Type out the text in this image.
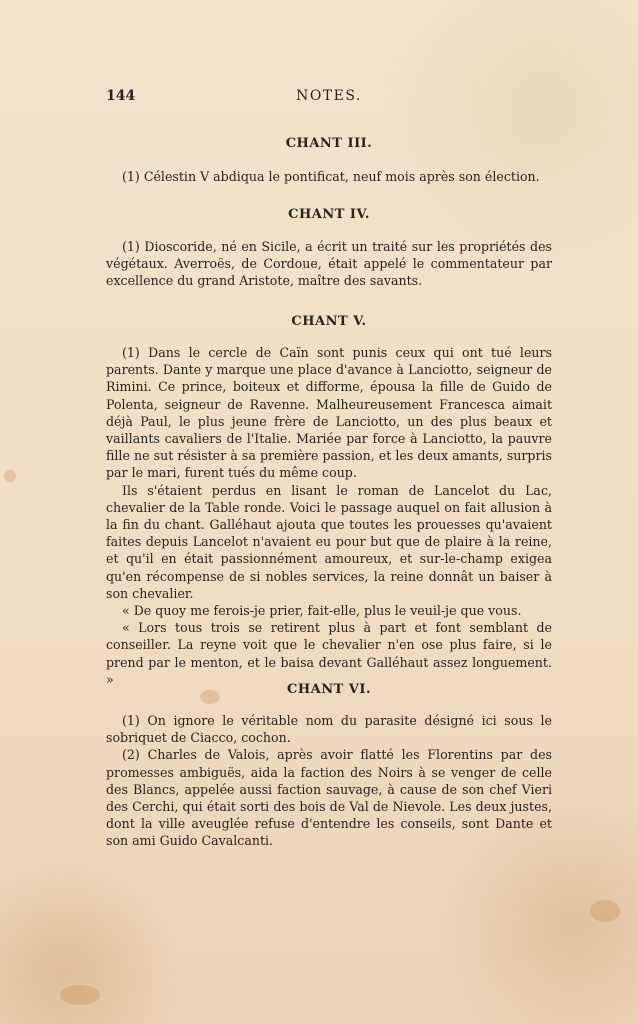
144	NOTES.
CHANT III.

(1) Célestin V abdiqua le pontificat, neuf mois après son élection.

CHANT IV.

(1) Dioscoride, né en Sicile, a écrit un traité sur les propriétés des végétaux. Averroës, de Cordoue, était appelé le commentateur par excellence du grand Aristote, maître des savants.

CHANT V.

(1) Dans le cercle de Caïn sont punis ceux qui ont tué leurs parents. Dante y marque une place d'avance à Lanciotto, seigneur de Rimini. Ce prince, boiteux et difforme, épousa la fille de Guido de Polenta, seigneur de Ravenne. Malheureusement Francesca aimait déjà Paul, le plus jeune frère de Lanciotto, un des plus beaux et vaillants cavaliers de l'Italie. Mariée par force à Lanciotto, la pauvre fille ne sut résister à sa première passion, et les deux amants, surpris par le mari, furent tués du même coup.

Ils s'étaient perdus en lisant le roman de Lancelot du Lac, chevalier de la Table ronde. Voici le passage auquel on fait allusion à la fin du chant. Galléhaut ajouta que toutes les prouesses qu'avaient faites depuis Lancelot n'avaient eu pour but que de plaire à la reine, et qu'il en était passionnément amoureux, et sur-le-champ exigea qu'en récompense de si nobles services, la reine donnât un baiser à son chevalier.

« De quoy me ferois-je prier, fait-elle, plus le veuil-je que vous.

« Lors tous trois se retirent plus à part et font semblant de conseiller. La reyne voit que le chevalier n'en ose plus faire, si le prend par le menton, et le baisa devant Galléhaut assez longuement. »

CHANT VI.

(1) On ignore le véritable nom du parasite désigné ici sous le sobriquet de Ciacco, cochon.

(2) Charles de Valois, après avoir flatté les Florentins par des promesses ambiguës, aida la faction des Noirs à se venger de celle des Blancs, appelée aussi faction sauvage, à cause de son chef Vieri des Cerchi, qui était sorti des bois de Val de Nievole. Les deux justes, dont la ville aveuglée refuse d'entendre les conseils, sont Dante et son ami Guido Cavalcanti.
